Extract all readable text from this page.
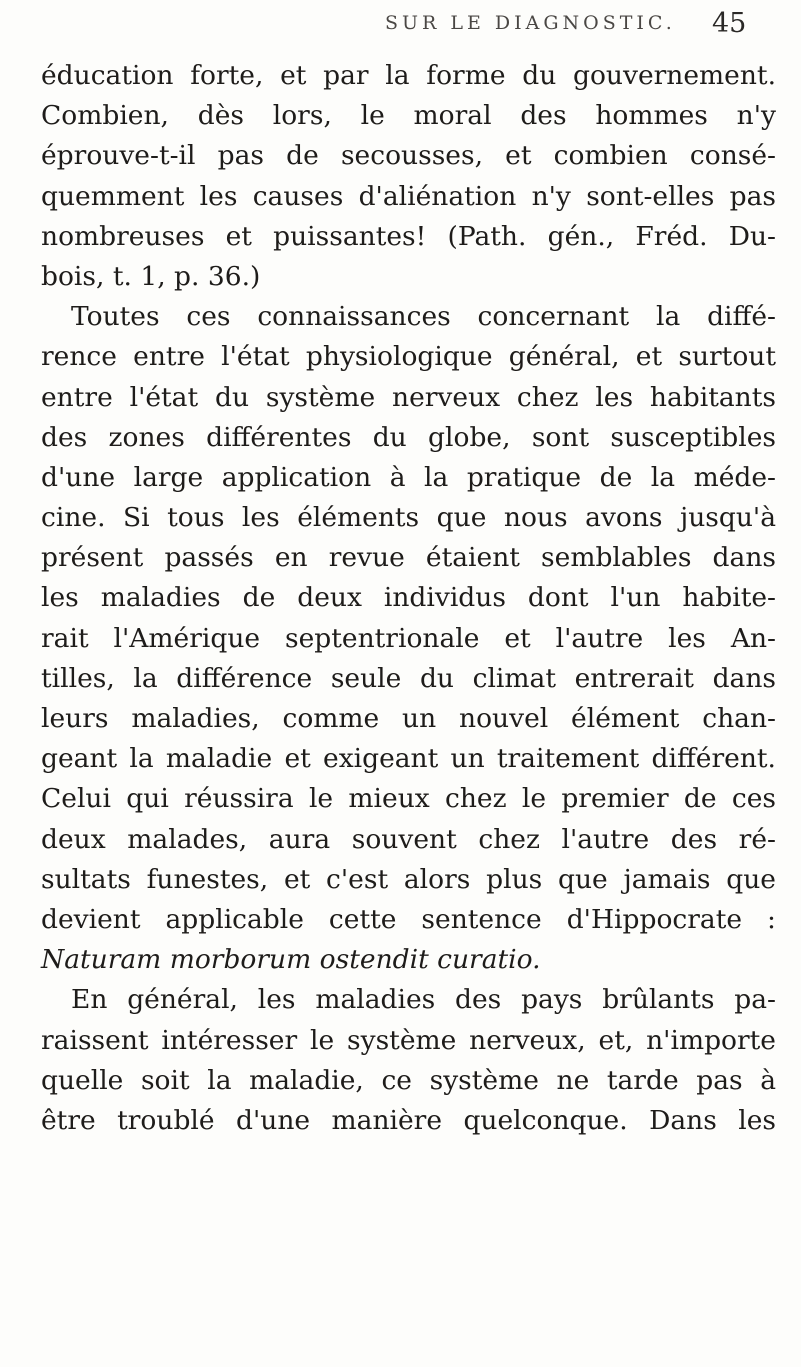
SUR LE DIAGNOSTIC. 45
éducation forte, et par la forme du gouvernement.
Combien, dès lors, le moral des hommes n'y
éprouve-t-il pas de secousses, et combien consé-
quemment les causes d'aliénation n'y sont-elles pas
nombreuses et puissantes! (Path. gén., Fréd. Du-
bois, t. 1, p. 36.)
Toutes ces connaissances concernant la diffé-
rence entre l'état physiologique général, et surtout
entre l'état du système nerveux chez les habitants
des zones différentes du globe, sont susceptibles
d'une large application à la pratique de la méde-
cine. Si tous les éléments que nous avons jusqu'à
présent passés en revue étaient semblables dans
les maladies de deux individus dont l'un habite-
rait l'Amérique septentrionale et l'autre les An-
tilles, la différence seule du climat entrerait dans
leurs maladies, comme un nouvel élément chan-
geant la maladie et exigeant un traitement différent.
Celui qui réussira le mieux chez le premier de ces
deux malades, aura souvent chez l'autre des ré-
sultats funestes, et c'est alors plus que jamais que
devient applicable cette sentence d'Hippocrate :
Naturam morborum ostendit curatio.
En général, les maladies des pays brûlants pa-
raissent intéresser le système nerveux, et, n'importe
quelle soit la maladie, ce système ne tarde pas à
être troublé d'une manière quelconque. Dans les
